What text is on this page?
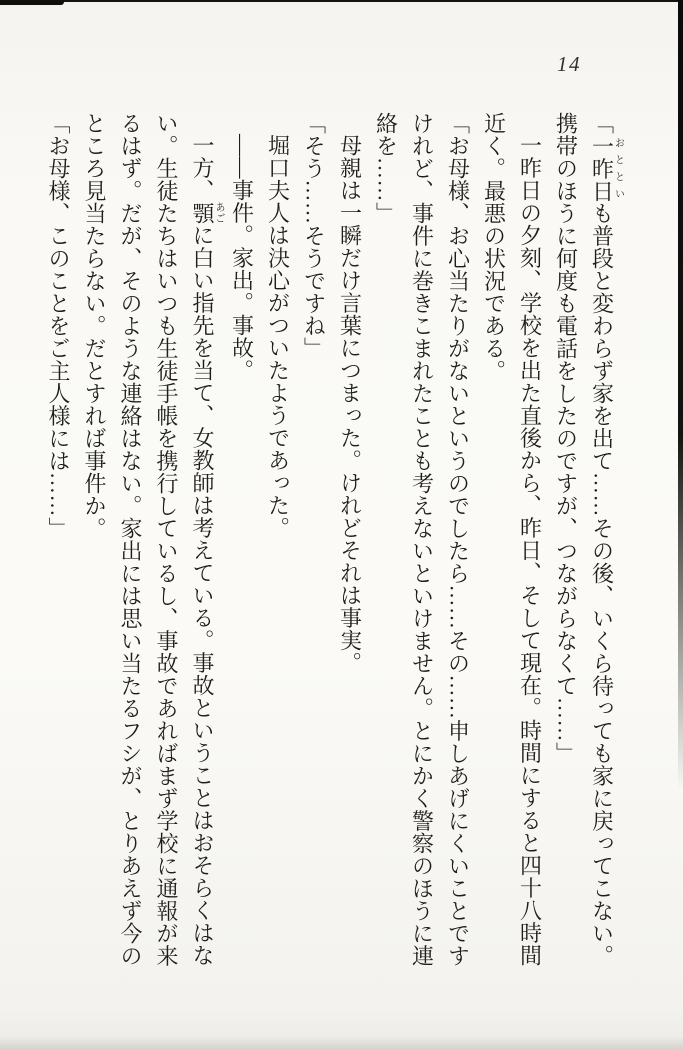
14

「一昨日おとといも普段と変わらず家を出て……その後、いくら待っても家に戻ってこない。

携帯のほうに何度も電話をしたのですが、つながらなくて……」

一昨日の夕刻、学校を出た直後から、昨日、そして現在。時間にすると四十八時間

近く。最悪の状況である。

「お母様、お心当たりがないというのでしたら……その……申しあげにくいことです

けれど、事件に巻きこまれたことも考えないといけません。とにかく警察のほうに連

絡を……」

母親は一瞬だけ言葉につまった。けれどそれは事実。

「そう……そうですね」

堀口夫人は決心がついたようであった。

――事件。家出。事故。

一方、顎あごに白い指先を当て、女教師は考えている。事故ということはおそらくはな

い。生徒たちはいつも生徒手帳を携行しているし、事故であればまず学校に通報が来

るはず。だが、そのような連絡はない。家出には思い当たるフシが、とりあえず今の

ところ見当たらない。だとすれば事件か。

「お母様、このことをご主人様には……」
